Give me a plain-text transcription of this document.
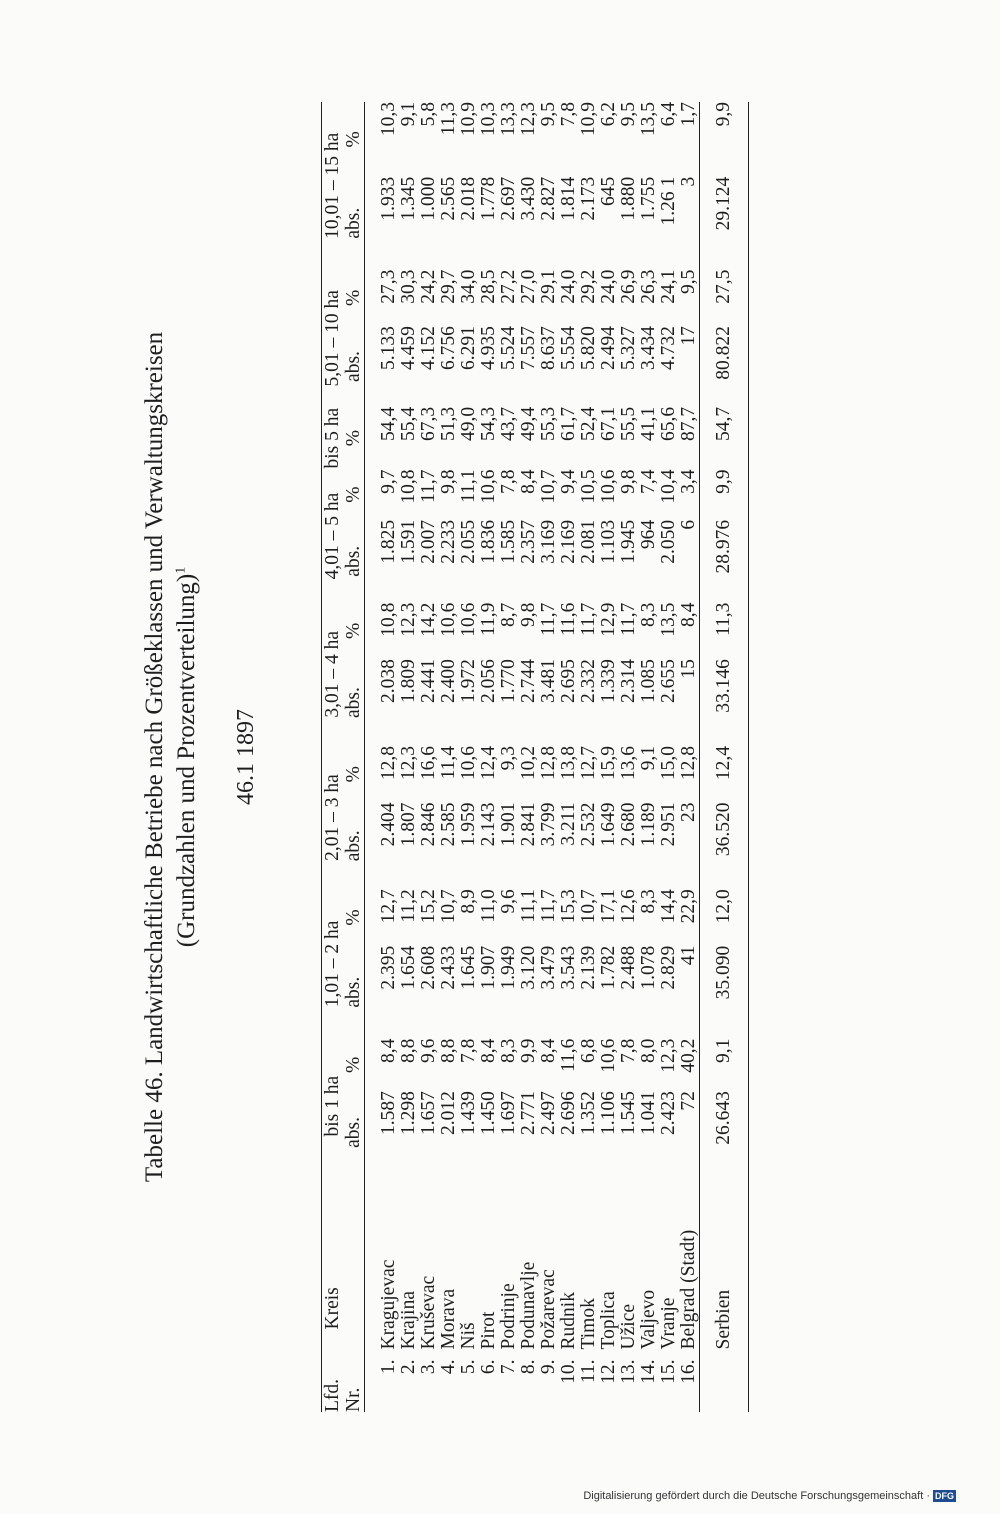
Tabelle 46. Landwirtschaftliche Betriebe nach Größeklassen und Verwaltungskreisen (Grundzahlen und Prozentverteilung)$^1$
46.1 1897
Lfd.	Kreis	bis 1 ha		1,01 – 2 ha		2,01 – 3 ha		3,01 – 4 ha		4,01 – 5 ha		bis 5 ha	5,01 – 10 ha		10,01 – 15 ha	
Nr.		abs.	%	abs.	%	abs.	%	abs.	%	abs.	%	%	abs.	%	abs.	%

1.	Kragujevac	1.587	8,4	2.395	12,7	2.404	12,8	2.038	10,8	1.825	9,7	54,4	5.133	27,3	1.933	10,3
2.	Krajina	1.298	8,8	1.654	11,2	1.807	12,3	1.809	12,3	1.591	10,8	55,4	4.459	30,3	1.345	9,1
3.	Kruševac	1.657	9,6	2.608	15,2	2.846	16,6	2.441	14,2	2.007	11,7	67,3	4.152	24,2	1.000	5,8
4.	Morava	2.012	8,8	2.433	10,7	2.585	11,4	2.400	10,6	2.233	9,8	51,3	6.756	29,7	2.565	11,3
5.	Niš	1.439	7,8	1.645	8,9	1.959	10,6	1.972	10,6	2.055	11,1	49,0	6.291	34,0	2.018	10,9
6.	Pirot	1.450	8,4	1.907	11,0	2.143	12,4	2.056	11,9	1.836	10,6	54,3	4.935	28,5	1.778	10,3
7.	Podrinje	1.697	8,3	1.949	9,6	1.901	9,3	1.770	8,7	1.585	7,8	43,7	5.524	27,2	2.697	13,3
8.	Podunavlje	2.771	9,9	3.120	11,1	2.841	10,2	2.744	9,8	2.357	8,4	49,4	7.557	27,0	3.430	12,3
9.	Požarevac	2.497	8,4	3.479	11,7	3.799	12,8	3.481	11,7	3.169	10,7	55,3	8.637	29,1	2.827	9,5
10.	Rudnik	2.696	11,6	3.543	15,3	3.211	13,8	2.695	11,6	2.169	9,4	61,7	5.554	24,0	1.814	7,8
11.	Timok	1.352	6,8	2.139	10,7	2.532	12,7	2.332	11,7	2.081	10,5	52,4	5.820	29,2	2.173	10,9
12.	Toplica	1.106	10,6	1.782	17,1	1.649	15,9	1.339	12,9	1.103	10,6	67,1	2.494	24,0	645	6,2
13.	Užice	1.545	7,8	2.488	12,6	2.680	13,6	2.314	11,7	1.945	9,8	55,5	5.327	26,9	1.880	9,5
14.	Valjevo	1.041	8,0	1.078	8,3	1.189	9,1	1.085	8,3	964	7,4	41,1	3.434	26,3	1.755	13,5
15.	Vranje	2.423	12,3	2.829	14,4	2.951	15,0	2.655	13,5	2.050	10,4	65,6	4.732	24,1	1.26 1	6,4
16.	Belgrad (Stadt)	72	40,2	41	22,9	23	12,8	15	8,4	6	3,4	87,7	17	9,5	3	1,7

	Serbien	26.643	9,1	35.090	12,0	36.520	12,4	33.146	11,3	28.976	9,9	54,7	80.822	27,5	29.124	9,9

Digitalisierung gefördert durch die Deutsche Forschungsgemeinschaft · DFG
